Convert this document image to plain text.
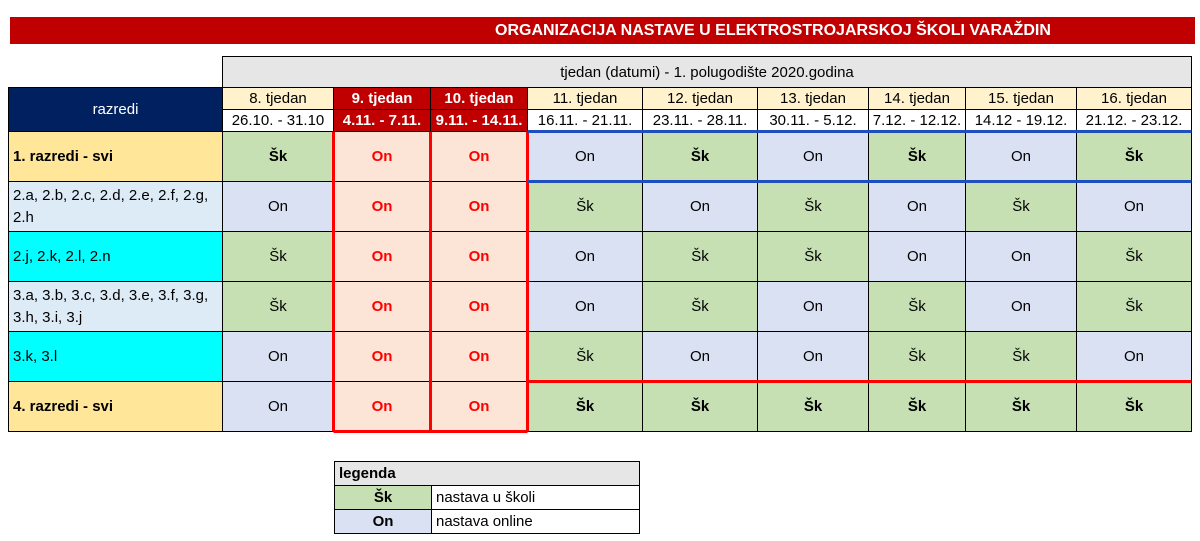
ORGANIZACIJA NASTAVE U ELEKTROSTROJARSKOJ ŠKOLI VARAŽDIN
	tjedan (datumi) - 1. polugodište 2020.godina								
razredi	8. tjedan	9. tjedan	10. tjedan	11. tjedan	12. tjedan	13. tjedan	14. tjedan	15. tjedan	16. tjedan
	26.10. - 31.10	4.11. - 7.11.	9.11. - 14.11.	16.11. - 21.11.	23.11. - 28.11.	30.11. - 5.12.	7.12. - 12.12.	14.12 - 19.12.	21.12. - 23.12.
1. razredi - svi	Šk	On	On	On	Šk	On	Šk	On	Šk
2.a, 2.b, 2.c, 2.d, 2.e, 2.f, 2.g, 2.h	On	On	On	Šk	On	Šk	On	Šk	On
2.j, 2.k, 2.l, 2.n	Šk	On	On	On	Šk	Šk	On	On	Šk
3.a, 3.b, 3.c, 3.d, 3.e, 3.f, 3.g, 3.h, 3.i, 3.j	Šk	On	On	On	Šk	On	Šk	On	Šk
3.k, 3.l	On	On	On	Šk	On	On	Šk	Šk	On
4. razredi - svi	On	On	On	Šk	Šk	Šk	Šk	Šk	Šk
legenda	
Šk	nastava u školi
On	nastava online
